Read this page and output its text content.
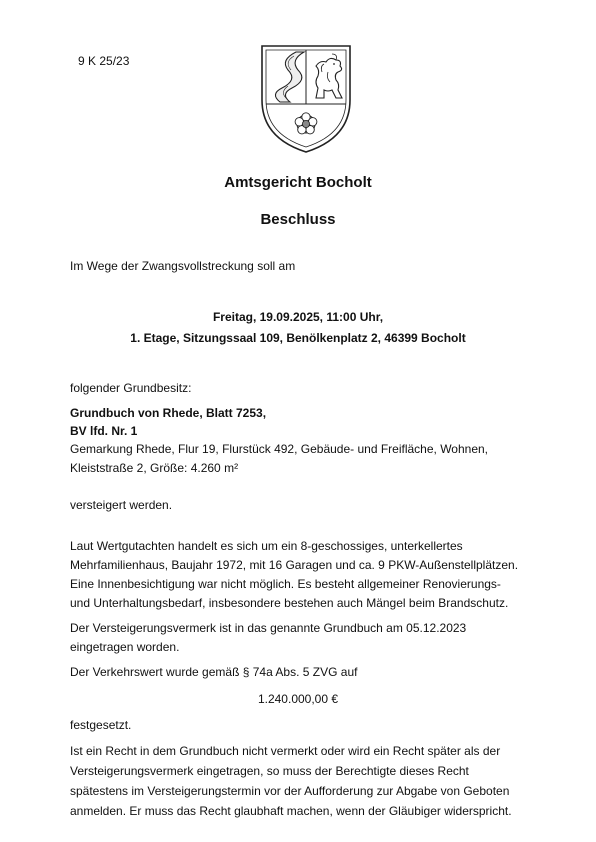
9 K 25/23
Amtsgericht Bocholt
Beschluss
Im Wege der Zwangsvollstreckung soll am
Freitag, 19.09.2025, 11:00 Uhr,
1. Etage, Sitzungssaal 109, Benölkenplatz 2, 46399 Bocholt
folgender Grundbesitz:
Grundbuch von Rhede, Blatt 7253,
BV lfd. Nr. 1
Gemarkung Rhede, Flur 19, Flurstück 492, Gebäude- und Freifläche, Wohnen,
Kleiststraße 2, Größe: 4.260 m²
versteigert werden.
Laut Wertgutachten handelt es sich um ein 8-geschossiges, unterkellertes
Mehrfamilienhaus, Baujahr 1972, mit 16 Garagen und ca. 9 PKW-Außenstellplätzen.
Eine Innenbesichtigung war nicht möglich. Es besteht allgemeiner Renovierungs-
und Unterhaltungsbedarf, insbesondere bestehen auch Mängel beim Brandschutz.
Der Versteigerungsvermerk ist in das genannte Grundbuch am 05.12.2023
eingetragen worden.
Der Verkehrswert wurde gemäß § 74a Abs. 5 ZVG auf
1.240.000,00 €
festgesetzt.
Ist ein Recht in dem Grundbuch nicht vermerkt oder wird ein Recht später als der
Versteigerungsvermerk eingetragen, so muss der Berechtigte dieses Recht
spätestens im Versteigerungstermin vor der Aufforderung zur Abgabe von Geboten
anmelden. Er muss das Recht glaubhaft machen, wenn der Gläubiger widerspricht.
